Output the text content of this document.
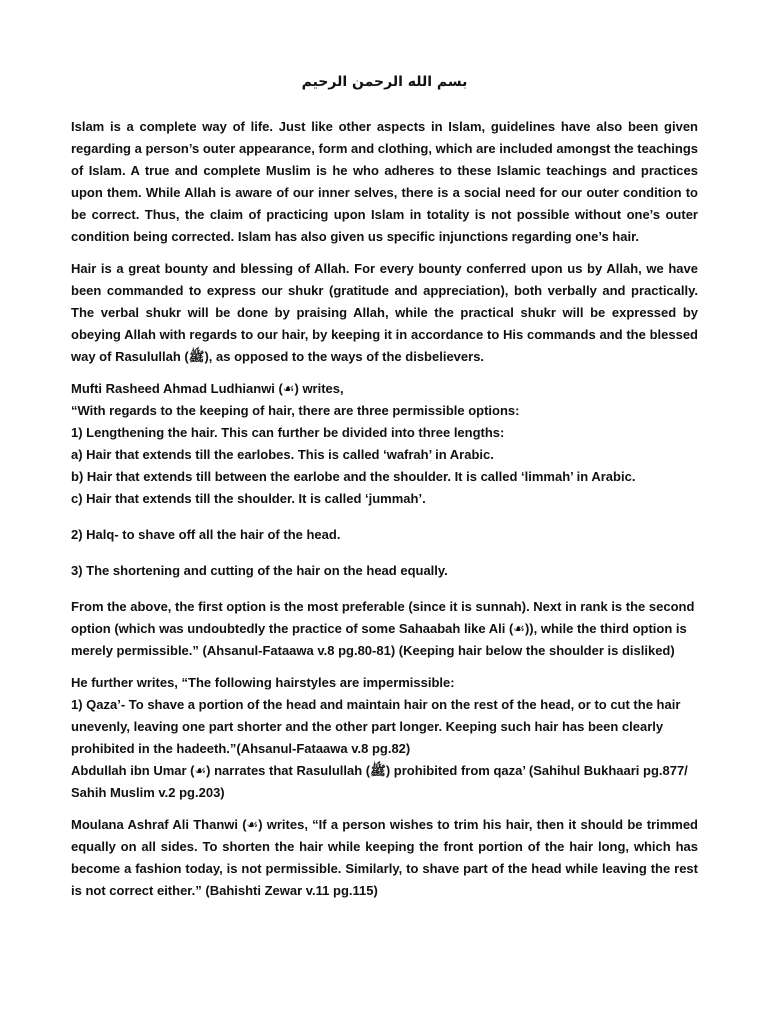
بسم الله الرحمن الرحيم

Islam is a complete way of life. Just like other aspects in Islam, guidelines have also been given regarding a person’s outer appearance, form and clothing, which are included amongst the teachings of Islam. A true and complete Muslim is he who adheres to these Islamic teachings and practices upon them. While Allah is aware of our inner selves, there is a social need for our outer condition to be correct. Thus, the claim of practicing upon Islam in totality is not possible without one’s outer condition being corrected. Islam has also given us specific injunctions regarding one’s hair.

Hair is a great bounty and blessing of Allah. For every bounty conferred upon us by Allah, we have been commanded to express our shukr (gratitude and appreciation), both verbally and practically. The verbal shukr will be done by praising Allah, while the practical shukr will be expressed by obeying Allah with regards to our hair, by keeping it in accordance to His commands and the blessed way of Rasulullah (ﷺ), as opposed to the ways of the disbelievers.

Mufti Rasheed Ahmad Ludhianwi (☙) writes,

“With regards to the keeping of hair, there are three permissible options:

1) Lengthening the hair. This can further be divided into three lengths:

a) Hair that extends till the earlobes. This is called ‘wafrah’ in Arabic.

b) Hair that extends till between the earlobe and the shoulder. It is called ‘limmah’ in Arabic.

c) Hair that extends till the shoulder. It is called ‘jummah’.

2) Halq- to shave off all the hair of the head.

3) The shortening and cutting of the hair on the head equally.

From the above, the first option is the most preferable (since it is sunnah). Next in rank is the second option (which was undoubtedly the practice of some Sahaabah like Ali (☙)), while the third option is merely permissible.” (Ahsanul-Fataawa v.8 pg.80-81) (Keeping hair below the shoulder is disliked)

He further writes, “The following hairstyles are impermissible:

1) Qaza’- To shave a portion of the head and maintain hair on the rest of the head, or to cut the hair unevenly, leaving one part shorter and the other part longer. Keeping such hair has been clearly prohibited in the hadeeth.”(Ahsanul-Fataawa v.8 pg.82)

Abdullah ibn Umar (☙) narrates that Rasulullah (ﷺ) prohibited from qaza’ (Sahihul Bukhaari pg.877/ Sahih Muslim v.2 pg.203)

Moulana Ashraf Ali Thanwi (☙) writes, “If a person wishes to trim his hair, then it should be trimmed equally on all sides. To shorten the hair while keeping the front portion of the hair long, which has become a fashion today, is not permissible. Similarly, to shave part of the head while leaving the rest is not correct either.” (Bahishti Zewar v.11 pg.115)
